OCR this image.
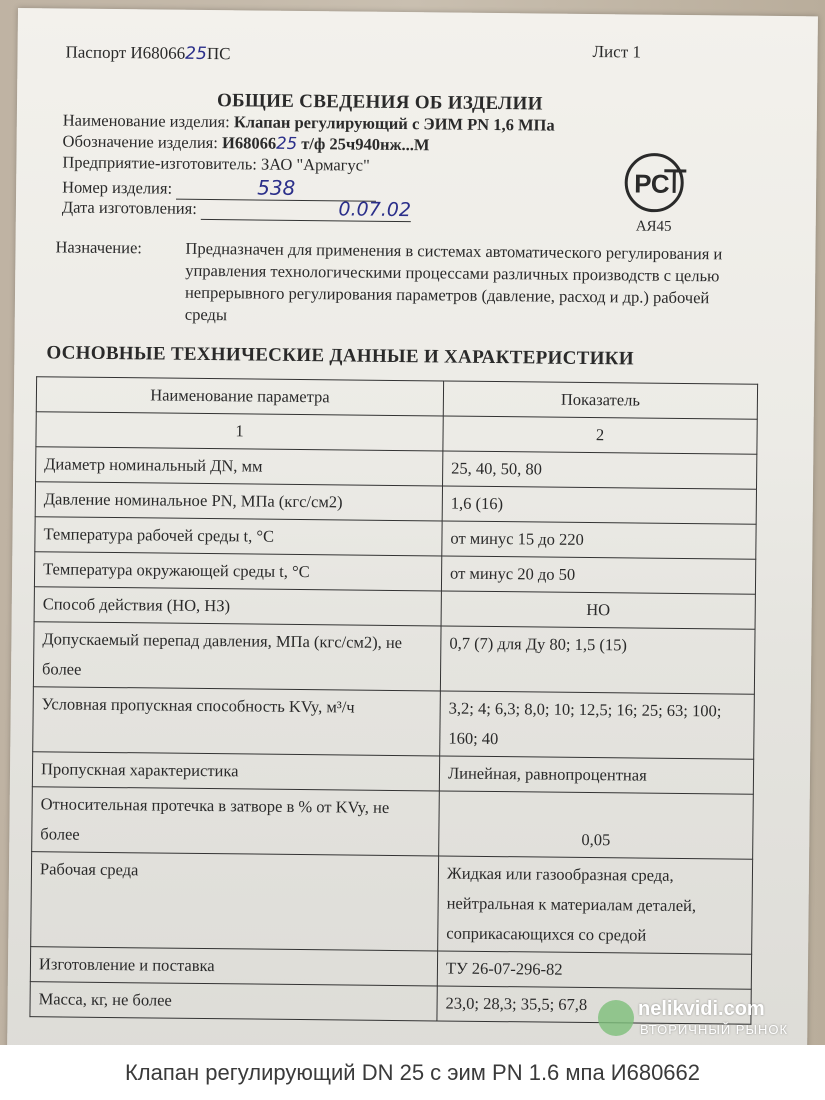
Паспорт И6806625ПС	Лист 1
ОБЩИЕ СВЕДЕНИЯ ОБ ИЗДЕЛИИ
Наименование изделия: Клапан регулирующий с ЭИМ PN 1,6 МПа
Обозначение изделия: И6806625 т/ф 25ч940нж...М
Предприятие-изготовитель: ЗАО "Армагус"
Номер изделия:	538
Дата изготовления:	0.07.02
РС
АЯ45
Назначение:	Предназначен для применения в системах автоматического регулирования и управления технологическими процессами различных производств с целью непрерывного регулирования параметров (давление, расход и др.) рабочей среды
ОСНОВНЫЕ ТЕХНИЧЕСКИЕ ДАННЫЕ И ХАРАКТЕРИСТИКИ
Наименование параметра	Показатель
1	2
Диаметр номинальный ДN, мм	25, 40, 50, 80
Давление номинальное PN, МПа (кгс/см2)	1,6 (16)
Температура рабочей среды t, °С	от минус 15 до 220
Температура окружающей среды t, °С	от минус 20 до 50
Способ действия (НО, НЗ)	НО
Допускаемый перепад давления, МПа (кгс/см2), не более	0,7 (7) для Ду 80; 1,5 (15)
Условная пропускная способность KVy, м³/ч	3,2; 4; 6,3; 8,0; 10; 12,5; 16; 25; 63; 100; 160; 40
Пропускная характеристика	Линейная, равнопроцентная
Относительная протечка в затворе в % от KVy, не более	0,05
Рабочая среда	Жидкая или газообразная среда, нейтральная к материалам деталей, соприкасающихся со средой
Изготовление и поставка	ТУ 26-07-296-82
Масса, кг, не более	23,0; 28,3; 35,5; 67,8	nelikvidi.com
ВТОРИЧНЫЙ РЫНОК
Клапан регулирующий DN 25 с эим PN 1.6 мпа И680662
